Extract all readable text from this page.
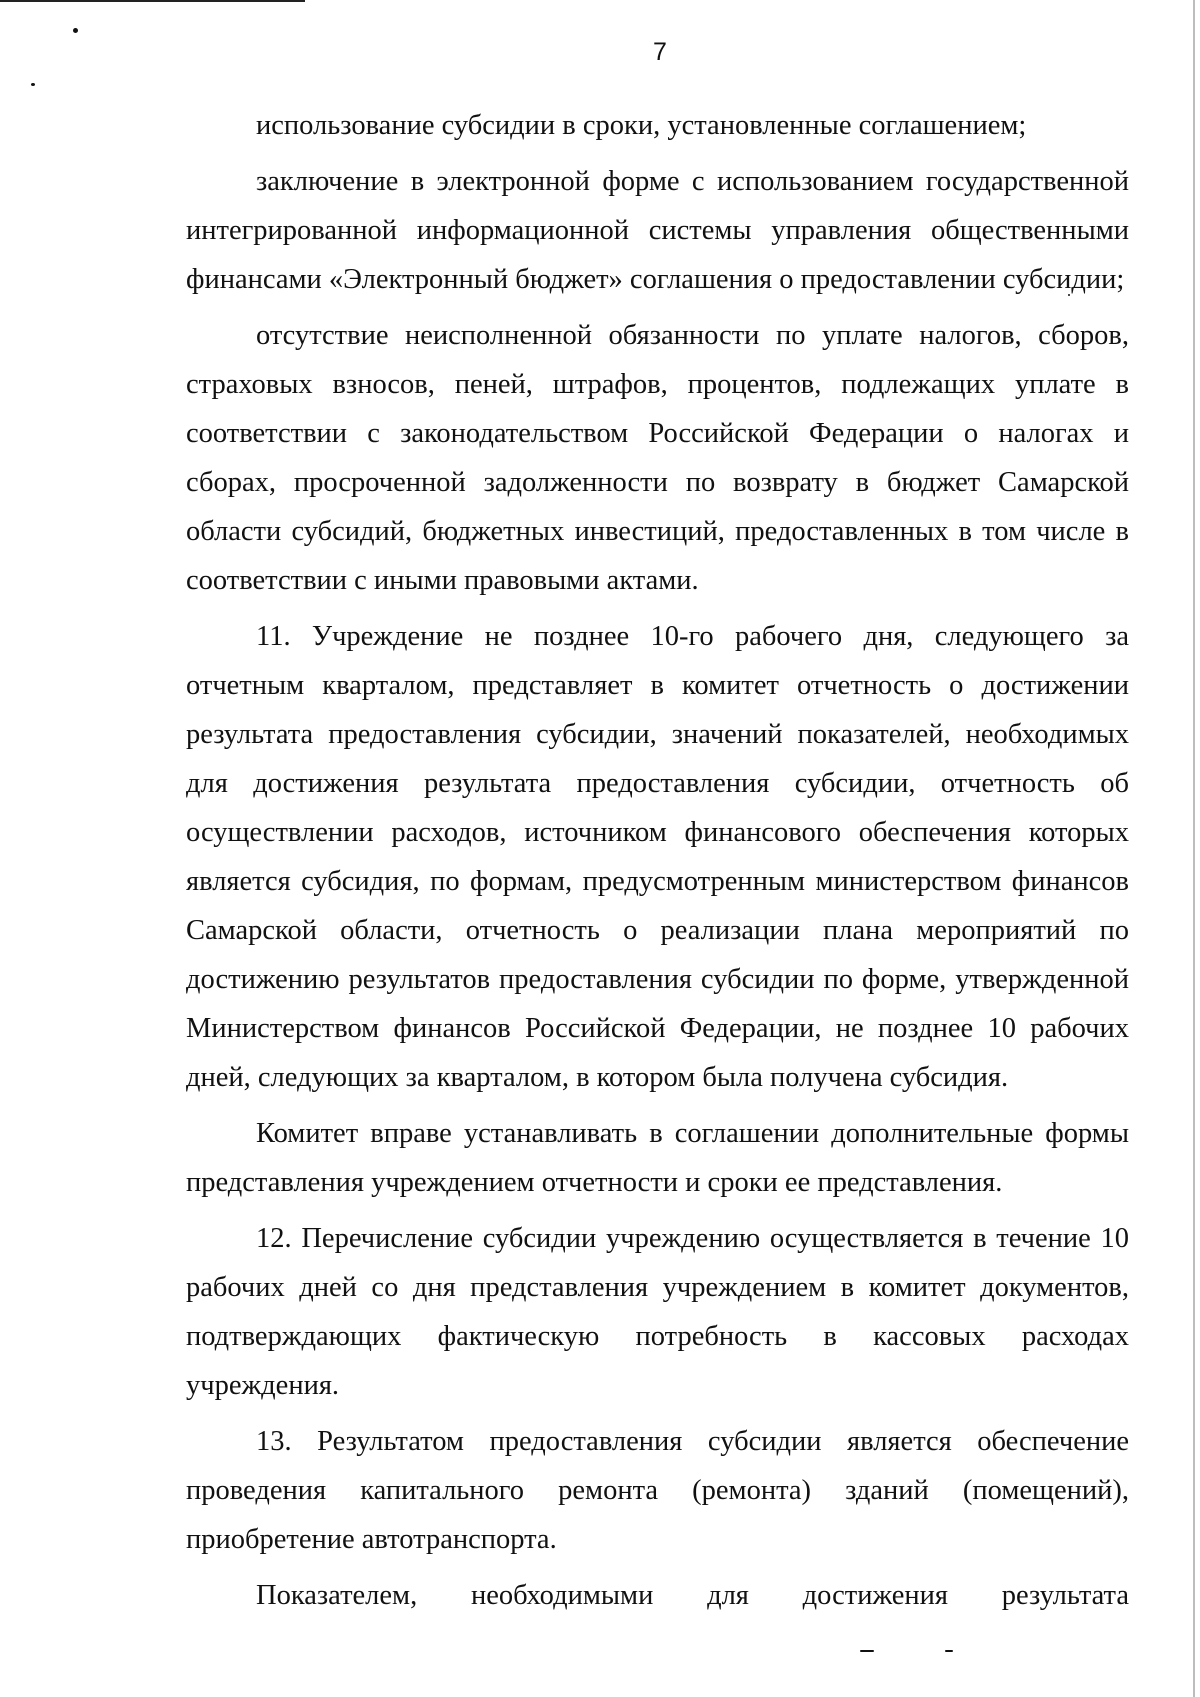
7

использование субсидии в сроки, установленные соглашением;

заключение в электронной форме с использованием государственной интегрированной информационной системы управления общественными финансами «Электронный бюджет» соглашения о предоставлении субсидии;

отсутствие неисполненной обязанности по уплате налогов, сборов, страховых взносов, пеней, штрафов, процентов, подлежащих уплате в соответствии с законодательством Российской Федерации о налогах и сборах, просроченной задолженности по возврату в бюджет Самарской области субсидий, бюджетных инвестиций, предоставленных в том числе в соответствии с иными правовыми актами.

11. Учреждение не позднее 10-го рабочего дня, следующего за отчетным кварталом, представляет в комитет отчетность о достижении результата предоставления субсидии, значений показателей, необходимых для достижения результата предоставления субсидии, отчетность об осуществлении расходов, источником финансового обеспечения которых является субсидия, по формам, предусмотренным министерством финансов Самарской области, отчетность о реализации плана мероприятий по достижению результатов предоставления субсидии по форме, утвержденной Министерством финансов Российской Федерации, не позднее 10 рабочих дней, следующих за кварталом, в котором была получена субсидия.

Комитет вправе устанавливать в соглашении дополнительные формы представления учреждением отчетности и сроки ее представления.

12. Перечисление субсидии учреждению осуществляется в течение 10 рабочих дней со дня представления учреждением в комитет документов, подтверждающих фактическую потребность в кассовых расходах учреждения.

13. Результатом предоставления субсидии является обеспечение проведения капитального ремонта (ремонта) зданий (помещений), приобретение автотранспорта.

Показателем, необходимыми для достижения результата
